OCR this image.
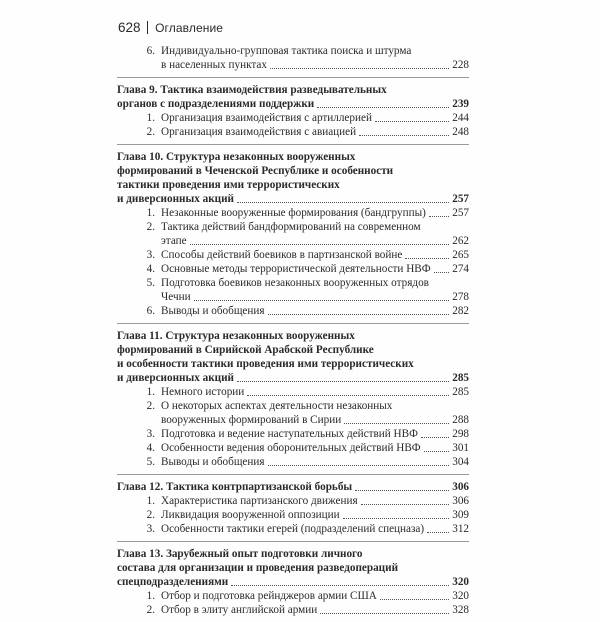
628 Оглавление
6. Индивидуально-групповая тактика поиска и штурма
в населенных пунктах	228
Глава 9. Тактика взаимодействия разведывательных
органов с подразделениями поддержки	239
1. Организация взаимодействия с артиллерией	244
2. Организация взаимодействия с авиацией	248
Глава 10. Структура незаконных вооруженных
формирований в Чеченской Республике и особенности
тактики проведения ими террористических
и диверсионных акций	257
1. Незаконные вооруженные формирования (бандгруппы) 257
2. Тактика действий бандформирований на современном
этапе	262
3. Способы действий боевиков в партизанской войне	265
4. Основные методы террористической деятельности НВФ 274
5. Подготовка боевиков незаконных вооруженных отрядов
Чечни	278
6. Выводы и обобщения	282
Глава 11. Структура незаконных вооруженных
формирований в Сирийской Арабской Республике
и особенности тактики проведения ими террористических
и диверсионных акций	285
1. Немного истории	285
2. О некоторых аспектах деятельности незаконных
вооруженных формирований в Сирии	288
3. Подготовка и ведение наступательных действий НВФ	298
4. Особенности ведения оборонительных действий НВФ	301
5. Выводы и обобщения	304
Глава 12. Тактика контрпартизанской борьбы	306
1. Характеристика партизанского движения	306
2. Ликвидация вооруженной оппозиции	309
3. Особенности тактики егерей (подразделений спецназа)	312
Глава 13. Зарубежный опыт подготовки личного
состава для организации и проведения разведопераций
спецподразделениями	320
1. Отбор и подготовка рейнджеров армии США	320
2. Отбор в элиту английской армии	328
